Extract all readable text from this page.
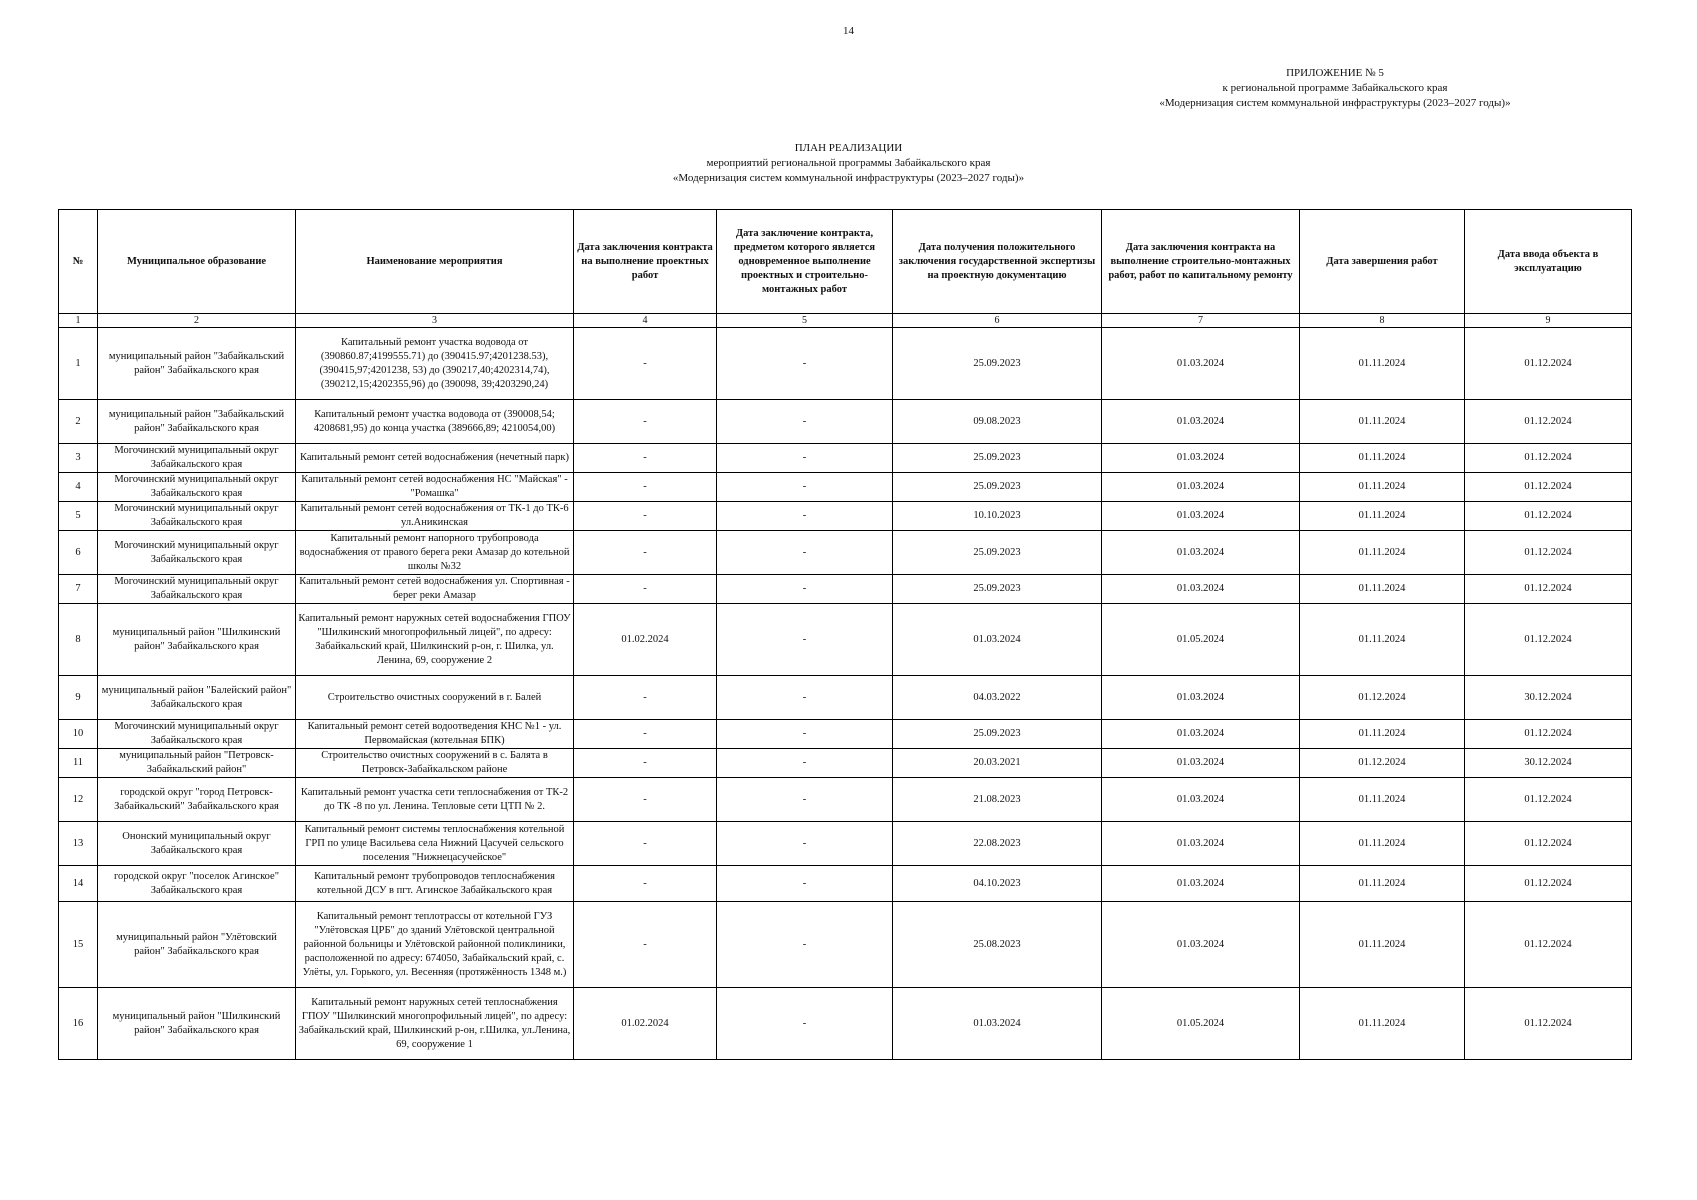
14
ПРИЛОЖЕНИЕ № 5
к региональной программе Забайкальского края
«Модернизация систем коммунальной инфраструктуры (2023–2027 годы)»
ПЛАН РЕАЛИЗАЦИИ
мероприятий региональной программы Забайкальского края
«Модернизация систем коммунальной инфраструктуры (2023–2027 годы)»
№	Муниципальное образование	Наименование мероприятия	Дата заключения контракта на выполнение проектных работ	Дата заключение контракта, предметом которого является одновременное выполнение проектных и строительно-монтажных работ	Дата получения положительного заключения государственной экспертизы на проектную документацию	Дата заключения контракта на выполнение строительно-монтажных работ, работ по капитальному ремонту	Дата завершения работ	Дата ввода объекта в эксплуатацию
1	2	3	4	5	6	7	8	9
1	муниципальный район "Забайкальский район" Забайкальского края	Капитальный ремонт участка водовода от (390860.87;4199555.71) до (390415.97;4201238.53), (390415,97;4201238, 53) до (390217,40;4202314,74), (390212,15;4202355,96) до (390098, 39;4203290,24)	-	-	25.09.2023	01.03.2024	01.11.2024	01.12.2024
2	муниципальный район "Забайкальский район" Забайкальского края	Капитальный ремонт участка водовода от (390008,54; 4208681,95) до конца участка (389666,89; 4210054,00)	-	-	09.08.2023	01.03.2024	01.11.2024	01.12.2024
3	Могочинский муниципальный округ Забайкальского края	Капитальный ремонт сетей водоснабжения (нечетный парк)	-	-	25.09.2023	01.03.2024	01.11.2024	01.12.2024
4	Могочинский муниципальный округ Забайкальского края	Капитальный ремонт сетей водоснабжения НС "Майская" - "Ромашка"	-	-	25.09.2023	01.03.2024	01.11.2024	01.12.2024
5	Могочинский муниципальный округ Забайкальского края	Капитальный ремонт сетей водоснабжения от ТК-1 до ТК-6 ул.Аникинская	-	-	10.10.2023	01.03.2024	01.11.2024	01.12.2024
6	Могочинский муниципальный округ Забайкальского края	Капитальный ремонт напорного трубопровода водоснабжения от правого берега реки Амазар до котельной школы №32	-	-	25.09.2023	01.03.2024	01.11.2024	01.12.2024
7	Могочинский муниципальный округ Забайкальского края	Капитальный ремонт сетей водоснабжения ул. Спортивная - берег реки Амазар	-	-	25.09.2023	01.03.2024	01.11.2024	01.12.2024
8	муниципальный район "Шилкинский район" Забайкальского края	Капитальный ремонт наружных сетей водоснабжения ГПОУ "Шилкинский многопрофильный лицей", по адресу: Забайкальский край, Шилкинский р-он, г. Шилка, ул. Ленина, 69, сооружение 2	01.02.2024	-	01.03.2024	01.05.2024	01.11.2024	01.12.2024
9	муниципальный район "Балейский район" Забайкальского края	Строительство очистных сооружений в г. Балей	-	-	04.03.2022	01.03.2024	01.12.2024	30.12.2024
10	Могочинский муниципальный округ Забайкальского края	Капитальный ремонт сетей водоотведения КНС №1 - ул. Первомайская (котельная БПК)	-	-	25.09.2023	01.03.2024	01.11.2024	01.12.2024
11	муниципальный район "Петровск-Забайкальский район"	Строительство очистных сооружений в с. Балята в Петровск-Забайкальском районе	-	-	20.03.2021	01.03.2024	01.12.2024	30.12.2024
12	городской округ "город Петровск-Забайкальский" Забайкальского края	Капитальный ремонт участка сети теплоснабжения от ТК-2 до ТК -8 по ул. Ленина. Тепловые сети ЦТП № 2.	-	-	21.08.2023	01.03.2024	01.11.2024	01.12.2024
13	Ононский муниципальный округ Забайкальского края	Капитальный ремонт системы теплоснабжения котельной ГРП по улице Васильева села Нижний Цасучей сельского поселения "Нижнецасучейское"	-	-	22.08.2023	01.03.2024	01.11.2024	01.12.2024
14	городской округ "поселок Агинское" Забайкальского края	Капитальный ремонт трубопроводов теплоснабжения котельной ДСУ в пгт. Агинское Забайкальского края	-	-	04.10.2023	01.03.2024	01.11.2024	01.12.2024
15	муниципальный район "Улётовский район" Забайкальского края	Капитальный ремонт теплотрассы от котельной ГУЗ "Улётовская ЦРБ" до зданий Улётовской центральной районной больницы и Улётовской районной поликлиники, расположенной по адресу: 674050, Забайкальский край, с. Улёты, ул. Горького, ул. Весенняя (протяжённость 1348 м.)	-	-	25.08.2023	01.03.2024	01.11.2024	01.12.2024
16	муниципальный район "Шилкинский район" Забайкальского края	Капитальный ремонт наружных сетей теплоснабжения ГПОУ "Шилкинский многопрофильный лицей", по адресу: Забайкальский край, Шилкинский р-он, г.Шилка, ул.Ленина, 69, сооружение 1	01.02.2024	-	01.03.2024	01.05.2024	01.11.2024	01.12.2024
